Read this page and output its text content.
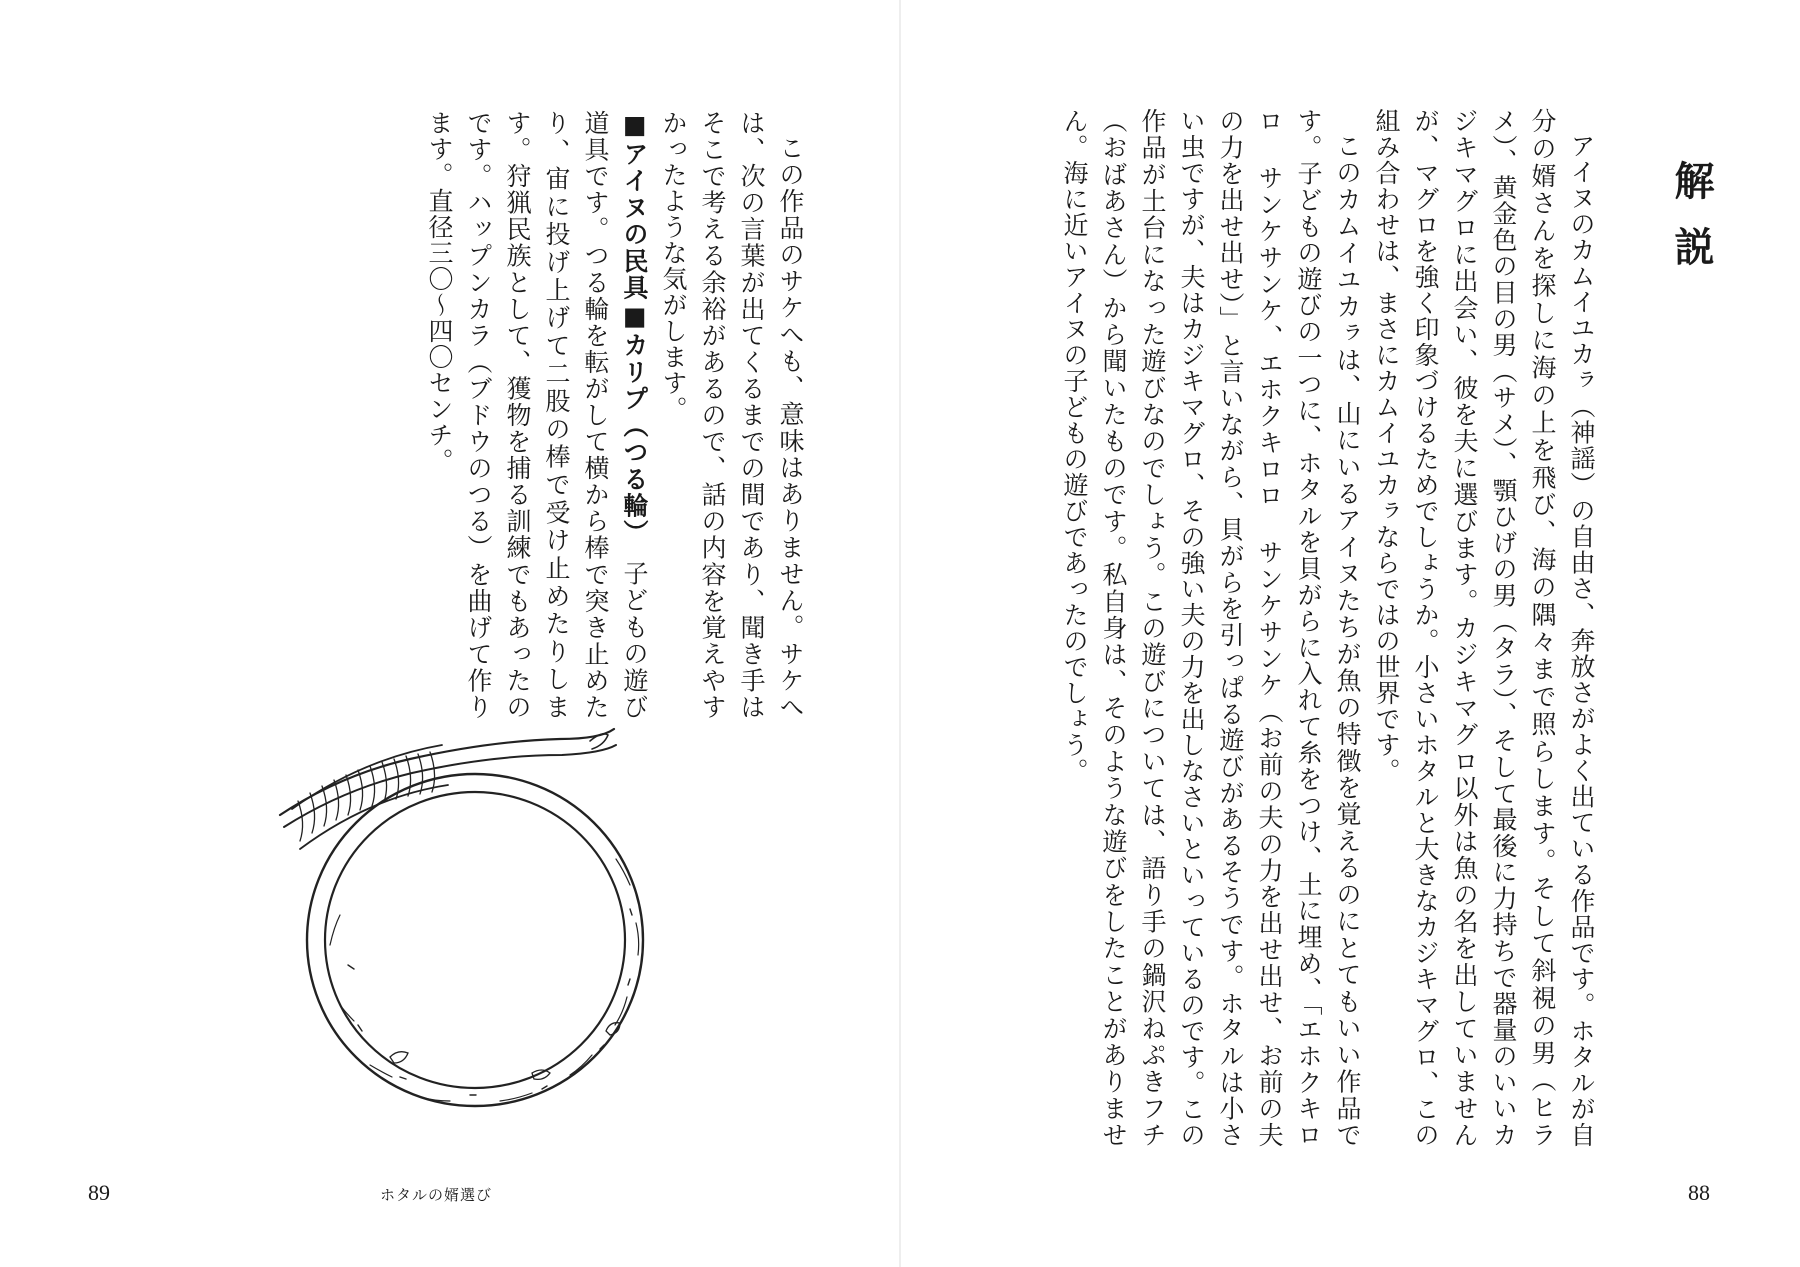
解説

アイヌのカムイユカㇻ（神謡）の自由さ、奔放さがよく出ている作品です。ホタルが自分の婿さんを探しに海の上を飛び、海の隅々まで照らします。そして斜視の男（ヒラメ）、黄金色の目の男（サメ）、顎ひげの男（タラ）、そして最後に力持ちで器量のいいカジキマグロに出会い、彼を夫に選びます。カジキマグロ以外は魚の名を出していませんが、マグロを強く印象づけるためでしょうか。小さいホタルと大きなカジキマグロ、この組み合わせは、まさにカムイユカㇻならではの世界です。

このカムイユカㇻは、山にいるアイヌたちが魚の特徴を覚えるのにとてもいい作品です。子どもの遊びの一つに、ホタルを貝がらに入れて糸をつけ、土に埋め、「エホクキロロ サンケサンケ、エホクキロロ サンケサンケ（お前の夫の力を出せ出せ、お前の夫の力を出せ出せ）」と言いながら、貝がらを引っぱる遊びがあるそうです。ホタルは小さい虫ですが、夫はカジキマグロ、その強い夫の力を出しなさいといっているのです。この作品が土台になった遊びなのでしょう。この遊びについては、語り手の鍋沢ねぷきフチ（おばあさん）から聞いたものです。私自身は、そのような遊びをしたことがありません。海に近いアイヌの子どもの遊びであったのでしょう。

この作品のサケへも、意味はありません。サケへは、次の言葉が出てくるまでの間であり、聞き手はそこで考える余裕があるので、話の内容を覚えやすかったような気がします。

■アイヌの民具■カリプ（つる輪）　子どもの遊び道具です。つる輪を転がして横から棒で突き止めたり、宙に投げ上げて二股の棒で受け止めたりします。狩猟民族として、獲物を捕る訓練でもあったのです。ハップンカラ（ブドウのつる）を曲げて作ります。直径三〇～四〇センチ。

89	ホタルの婿選び	88
